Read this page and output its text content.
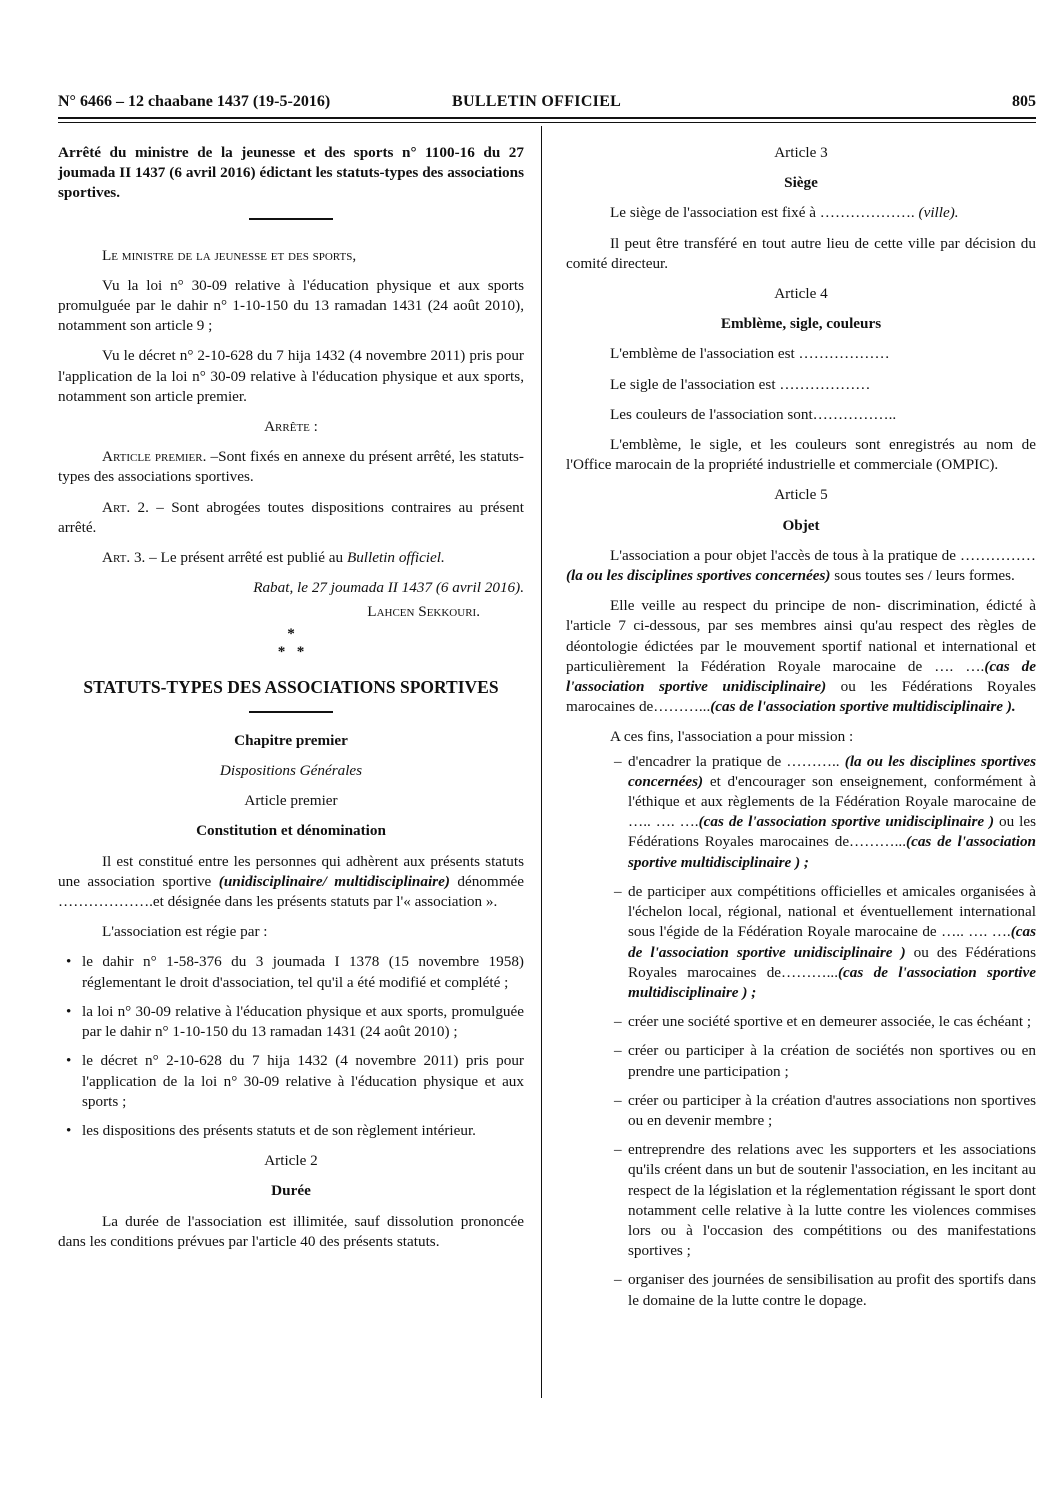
N° 6466 – 12 chaabane 1437 (19-5-2016)	BULLETIN OFFICIEL	805

Arrêté du ministre de la jeunesse et des sports n° 1100-16 du 27 joumada II 1437 (6 avril 2016) édictant les statuts-types des associations sportives.

Le ministre de la jeunesse et des sports,

Vu la loi n° 30-09 relative à l'éducation physique et aux sports promulguée par le dahir n° 1-10-150 du 13 ramadan 1431 (24 août 2010), notamment son article 9 ;

Vu le décret n° 2-10-628 du 7 hija 1432 (4 novembre 2011) pris pour l'application de la loi n° 30-09 relative à l'éducation physique et aux sports, notamment son article premier.

Arrête :

Article premier. –Sont fixés en annexe du présent arrêté, les statuts-types des associations sportives.

Art. 2. – Sont abrogées toutes dispositions contraires au présent arrêté.

Art. 3. – Le présent arrêté est publié au Bulletin officiel.

Rabat, le 27 joumada II 1437 (6 avril 2016).

Lahcen Sekkouri.

*
*   *

STATUTS-TYPES DES ASSOCIATIONS SPORTIVES

Chapitre premier

Dispositions Générales

Article premier

Constitution et dénomination

Il est constitué entre les personnes qui adhèrent aux présents statuts une association sportive (unidisciplinaire/ multidisciplinaire) dénommée ……………….et désignée dans les présents statuts par l'« association ».

L'association est régie par :

• le dahir n° 1-58-376 du 3 joumada I 1378 (15 novembre 1958) réglementant le droit d'association, tel qu'il a été modifié et complété ;
• la loi n° 30-09 relative à l'éducation physique et aux sports, promulguée par le dahir n° 1-10-150 du 13 ramadan 1431 (24 août 2010) ;
• le décret n° 2-10-628 du 7 hija 1432 (4 novembre 2011) pris pour l'application de la loi n° 30-09 relative à l'éducation physique et aux sports ;
• les dispositions des présents statuts et de son règlement intérieur.

Article 2

Durée

La durée de l'association est illimitée, sauf dissolution prononcée dans les conditions prévues par l'article 40 des présents statuts.

Article 3

Siège

Le siège de l'association est fixé à ………………. (ville).

Il peut être transféré en tout autre lieu de cette ville par décision du comité directeur.

Article 4

Emblème, sigle, couleurs

L'emblème de l'association est ………………

Le sigle de l'association est ………………

Les couleurs de l'association sont……………..

L'emblème, le sigle, et les couleurs sont enregistrés au nom de l'Office marocain de la propriété industrielle et commerciale (OMPIC).

Article 5

Objet

L'association a pour objet l'accès de tous à la pratique de …………… (la ou les disciplines sportives concernées) sous toutes ses / leurs formes.

Elle veille au respect du principe de non- discrimination, édicté à l'article 7 ci-dessous, par ses membres ainsi qu'au respect des règles de déontologie édictées par le mouvement sportif national et international et particulièrement la Fédération Royale marocaine de …. ….(cas de l'association sportive unidisciplinaire) ou les Fédérations Royales marocaines de………...(cas de l'association sportive multidisciplinaire ).

A ces fins, l'association a pour mission :

– d'encadrer la pratique de ……….. (la ou les disciplines sportives concernées) et d'encourager son enseignement, conformément à l'éthique et aux règlements de la Fédération Royale marocaine de ….. …. ….(cas de l'association sportive unidisciplinaire ) ou les Fédérations Royales marocaines de………...(cas de l'association sportive multidisciplinaire ) ;
– de participer aux compétitions officielles et amicales organisées à l'échelon local, régional, national et éventuellement international sous l'égide de la Fédération Royale marocaine de ….. …. ….(cas de l'association sportive unidisciplinaire ) ou des Fédérations Royales marocaines de………...(cas de l'association sportive multidisciplinaire ) ;
– créer une société sportive et en demeurer associée, le cas échéant ;
– créer ou participer à la création de sociétés non sportives ou en prendre une participation ;
– créer ou participer à la création d'autres associations non sportives ou en devenir membre ;
– entreprendre des relations avec les supporters et les associations qu'ils créent dans un but de soutenir l'association, en les incitant au respect de la législation et la réglementation régissant le sport dont notamment celle relative à la lutte contre les violences commises lors ou à l'occasion des compétitions ou des manifestations sportives ;
– organiser des journées de sensibilisation au profit des sportifs dans le domaine de la lutte contre le dopage.
